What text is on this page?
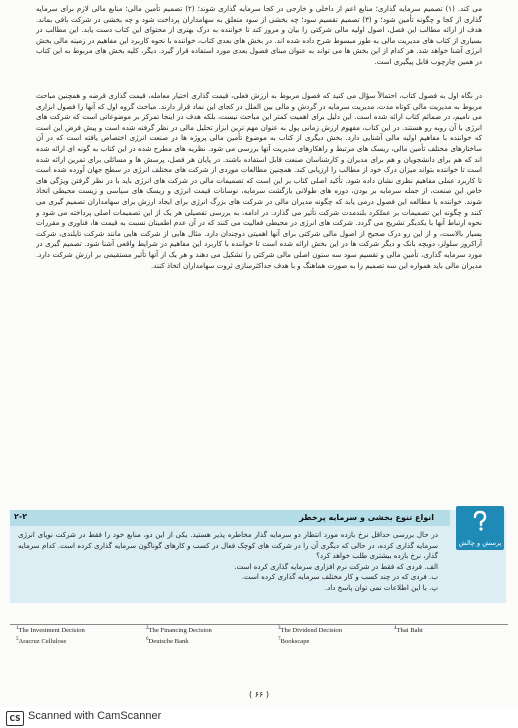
می کند. (۱) تصمیم سرمایه گذاری؛ منابع اعم از داخلی و خارجی در کجا سرمایه گذاری شوند؛ (۲) تصمیم تأمین مالی؛ منابع مالی لازم برای سرمایه گذاری از کجا و چگونه تأمین شود؛ و (۳) تصمیم تقسیم سود؛ چه بخشی از سود متعلق به سهامداران پرداخت شود و چه بخشی در شرکت باقی بماند. هدف از ارائه مطالب این فصل، اصول اولیه مالی شرکتی را بیان و مرور کند تا خواننده به درک بهتری از محتوای این کتاب دست یابد. این مطالب در بسیاری از کتاب های مدیریت مالی به طور مبسوط شرح داده شده اند. در بخش های بعدی کتاب، خواننده با نحوه کاربرد این مفاهیم در زمینه مالی بخش انرژی آشنا خواهد شد. هر کدام از این بخش ها می تواند به عنوان مبنای فصول بعدی مورد استفاده قرار گیرد. دیگر، کلیه بخش های مربوط به این کتاب در همین چارچوب قابل پیگیری است.
در نگاه اول به فصول کتاب، احتمالاً سؤال می کنید که فصول مربوط به ارزش فعلی، قیمت گذاری اختیار معامله، قیمت گذاری قرضه و همچنین مباحث مربوط به مدیریت مالی کوتاه مدت، مدیریت سرمایه در گردش و مالی بین الملل در کجای این نماد قرار دارند. مباحث گروه اول که آنها را فصول ابزاری می نامیم، در ضمائم کتاب ارائه شده است. این دلیل برای اهمیت کمتر این مباحث نیست، بلکه هدف در اینجا تمرکز بر موضوعاتی است که شرکت های انرژی با آن روبه رو هستند. در این کتاب، مفهوم ارزش زمانی پول به عنوان مهم ترین ابزار تحلیل مالی در نظر گرفته شده است و پیش فرض این است که خواننده با مفاهیم اولیه مالی آشنایی دارد. بخش دیگری از کتاب به موضوع تأمین مالی پروژه ها در صنعت انرژی اختصاص یافته است که در آن ساختارهای مختلف تأمین مالی، ریسک های مرتبط و راهکارهای مدیریت آنها بررسی می شود. نظریه های مطرح شده در این کتاب به گونه ای ارائه شده اند که هم برای دانشجویان و هم برای مدیران و کارشناسان صنعت قابل استفاده باشند. در پایان هر فصل، پرسش ها و مسائلی برای تمرین ارائه شده است تا خواننده بتواند میزان درک خود از مطالب را ارزیابی کند. همچنین مطالعات موردی از شرکت های مختلف انرژی در سطح جهان آورده شده است تا کاربرد عملی مفاهیم نظری نشان داده شود. تأکید اصلی کتاب بر این است که تصمیمات مالی در شرکت های انرژی باید با در نظر گرفتن ویژگی های خاص این صنعت، از جمله سرمایه بر بودن، دوره های طولانی بازگشت سرمایه، نوسانات قیمت انرژی و ریسک های سیاسی و زیست محیطی اتخاذ شوند. خواننده با مطالعه این فصول درمی یابد که چگونه مدیران مالی در شرکت های بزرگ انرژی برای ایجاد ارزش برای سهامداران تصمیم گیری می کنند و چگونه این تصمیمات بر عملکرد بلندمدت شرکت تأثیر می گذارد. در ادامه، به بررسی تفصیلی هر یک از این تصمیمات اصلی پرداخته می شود و نحوه ارتباط آنها با یکدیگر تشریح می گردد. شرکت های انرژی در محیطی فعالیت می کنند که در آن عدم اطمینان نسبت به قیمت ها، فناوری و مقررات بسیار بالاست، و از این رو درک صحیح از اصول مالی شرکتی برای آنها اهمیتی دوچندان دارد. مثال هایی از شرکت هایی مانند شرکت تایلندی، شرکت آراکروز سلولز، دویچه بانک و دیگر شرکت ها در این بخش ارائه شده است تا خواننده با کاربرد این مفاهیم در شرایط واقعی آشنا شود. تصمیم گیری در مورد سرمایه گذاری، تأمین مالی و تقسیم سود سه ستون اصلی مالی شرکتی را تشکیل می دهند و هر یک از آنها تأثیر مستقیمی بر ارزش شرکت دارد. مدیران مالی باید همواره این سه تصمیم را به صورت هماهنگ و با هدف حداکثرسازی ثروت سهامداران اتخاذ کنند.
۲-۲	انواع تنوع بخشی و سرمایه پرخطر
پرسش و چالش
در حال بررسی حداقل نرخ بازده مورد انتظار دو سرمایه گذار مخاطره پذیر هستید. یکی از این دو، منابع خود را فقط در شرکت نوپای انرژی سرمایه گذاری کرده، در حالی که دیگری آن را در شرکت های کوچک فعال در کسب و کارهای گوناگون سرمایه گذاری کرده است. کدام سرمایه گذار، نرخ بازده بیشتری طلب خواهد کرد؟
الف. فردی که فقط در شرکت نرم افزاری سرمایه گذاری کرده است.
ب. فردی که در چند کسب و کار مختلف سرمایه گذاری کرده است.
پ. با این اطلاعات نمی توان پاسخ داد.
$^1$The Investment Decision	$^2$The Financing Decision	$^3$The Dividend Decision	$^4$Thai Baht
$^5$Aracruz Cellulose	$^6$Deutsche Bank	$^7$Bookscape
( ۶۶ )
CS Scanned with CamScanner
